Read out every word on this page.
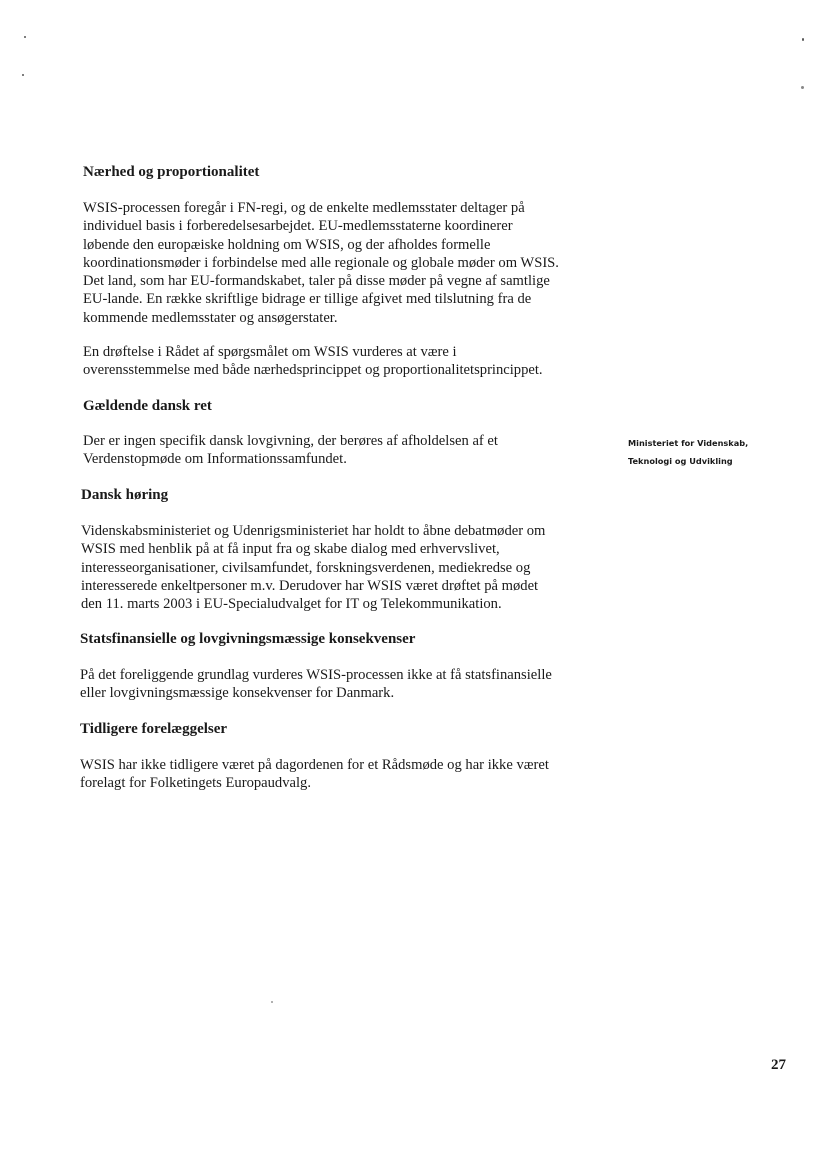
Nærhed og proportionalitet
WSIS-processen foregår i FN-regi, og de enkelte medlemsstater deltager på
individuel basis i forberedelsesarbejdet. EU-medlemsstaterne koordinerer
løbende den europæiske holdning om WSIS, og der afholdes formelle
koordinationsmøder i forbindelse med alle regionale og globale møder om WSIS.
Det land, som har EU-formandskabet, taler på disse møder på vegne af samtlige
EU-lande. En række skriftlige bidrage er tillige afgivet med tilslutning fra de
kommende medlemsstater og ansøgerstater.
En drøftelse i Rådet af spørgsmålet om WSIS vurderes at være i
overensstemmelse med både nærhedsprincippet og proportionalitetsprincippet.
Gældende dansk ret
Der er ingen specifik dansk lovgivning, der berøres af afholdelsen af et
Verdenstopmøde om Informationssamfundet.
Ministeriet for Videnskab,
Teknologi og Udvikling
Dansk høring
Videnskabsministeriet og Udenrigsministeriet har holdt to åbne debatmøder om
WSIS med henblik på at få input fra og skabe dialog med erhvervslivet,
interesseorganisationer, civilsamfundet, forskningsverdenen, mediekredse og
interesserede enkeltpersoner m.v. Derudover har WSIS været drøftet på mødet
den 11. marts 2003 i EU-Specialudvalget for IT og Telekommunikation.
Statsfinansielle og lovgivningsmæssige konsekvenser
På det foreliggende grundlag vurderes WSIS-processen ikke at få statsfinansielle
eller lovgivningsmæssige konsekvenser for Danmark.
Tidligere forelæggelser
WSIS har ikke tidligere været på dagordenen for et Rådsmøde og har ikke været
forelagt for Folketingets Europaudvalg.
27
